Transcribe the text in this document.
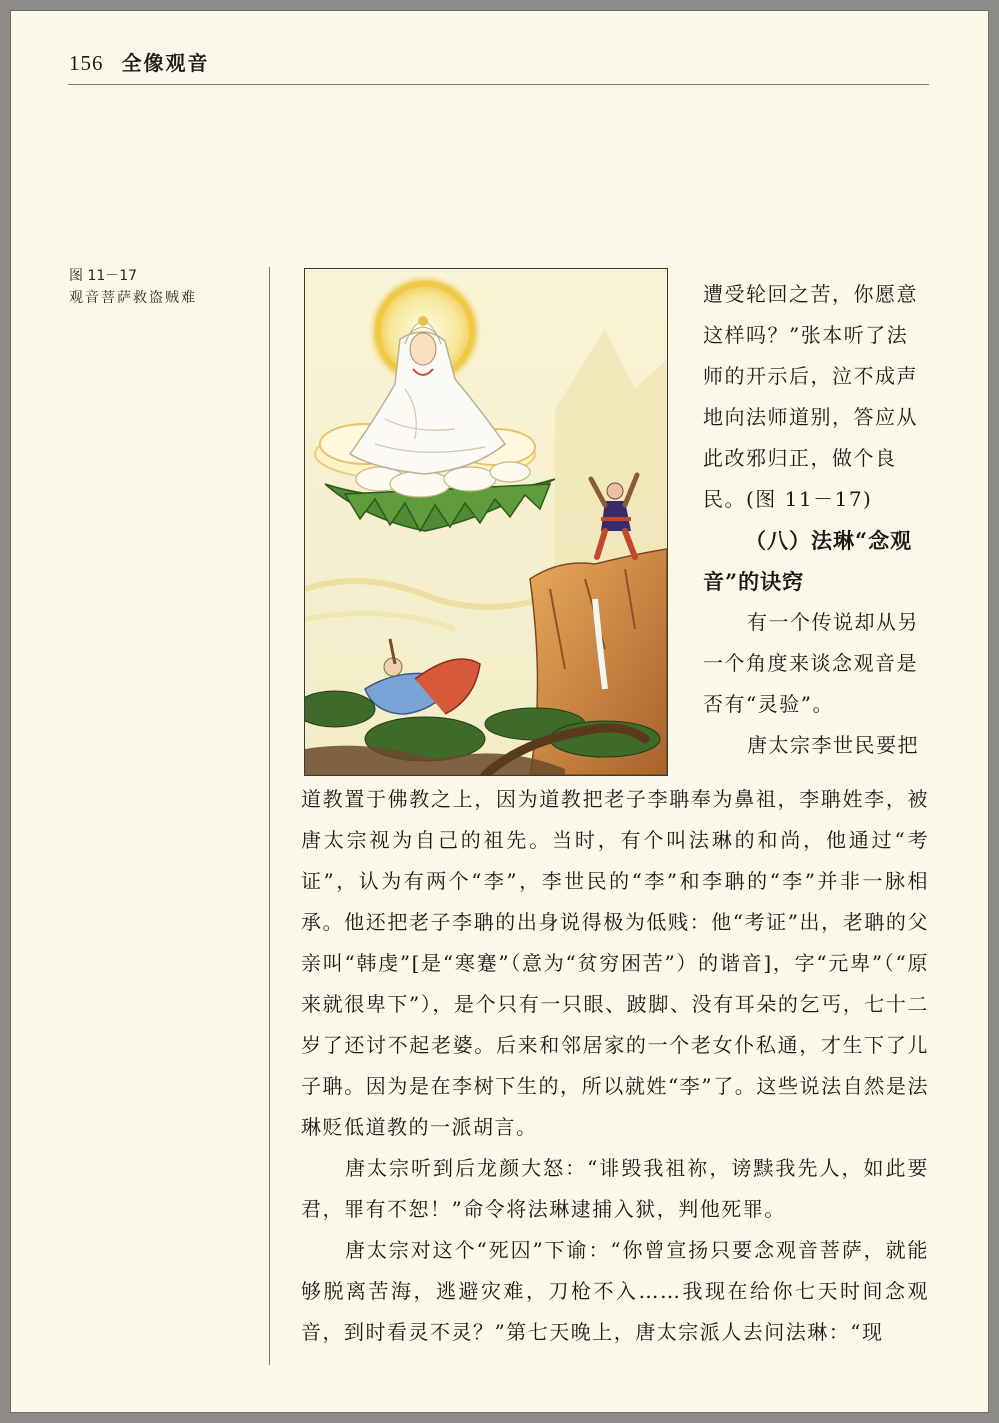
156 全像观音
图 11－17
观音菩萨救盗贼难	遭受轮回之苦，你愿意这样吗？”张本听了法师的开示后，泣不成声地向法师道别，答应从此改邪归正，做个良民。(图 11－17)

（八）法琳“念观音”的诀窍

有一个传说却从另一个角度来谈念观音是否有“灵验”。

唐太宗李世民要把

道教置于佛教之上，因为道教把老子李聃奉为鼻祖，李聃姓李，被唐太宗视为自己的祖先。当时，有个叫法琳的和尚，他通过“考证”，认为有两个“李”，李世民的“李”和李聃的“李”并非一脉相承。他还把老子李聃的出身说得极为低贱：他“考证”出，老聃的父亲叫“韩虔”[是“寒蹇”（意为“贫穷困苦”）的谐音]，字“元卑”（“原来就很卑下”），是个只有一只眼、跛脚、没有耳朵的乞丐，七十二岁了还讨不起老婆。后来和邻居家的一个老女仆私通，才生下了儿子聃。因为是在李树下生的，所以就姓“李”了。这些说法自然是法琳贬低道教的一派胡言。

唐太宗听到后龙颜大怒：“诽毁我祖祢，谤黩我先人，如此要君，罪有不恕！”命令将法琳逮捕入狱，判他死罪。

唐太宗对这个“死囚”下谕：“你曾宣扬只要念观音菩萨，就能够脱离苦海，逃避灾难，刀枪不入……我现在给你七天时间念观音，到时看灵不灵？”第七天晚上，唐太宗派人去问法琳：“现
